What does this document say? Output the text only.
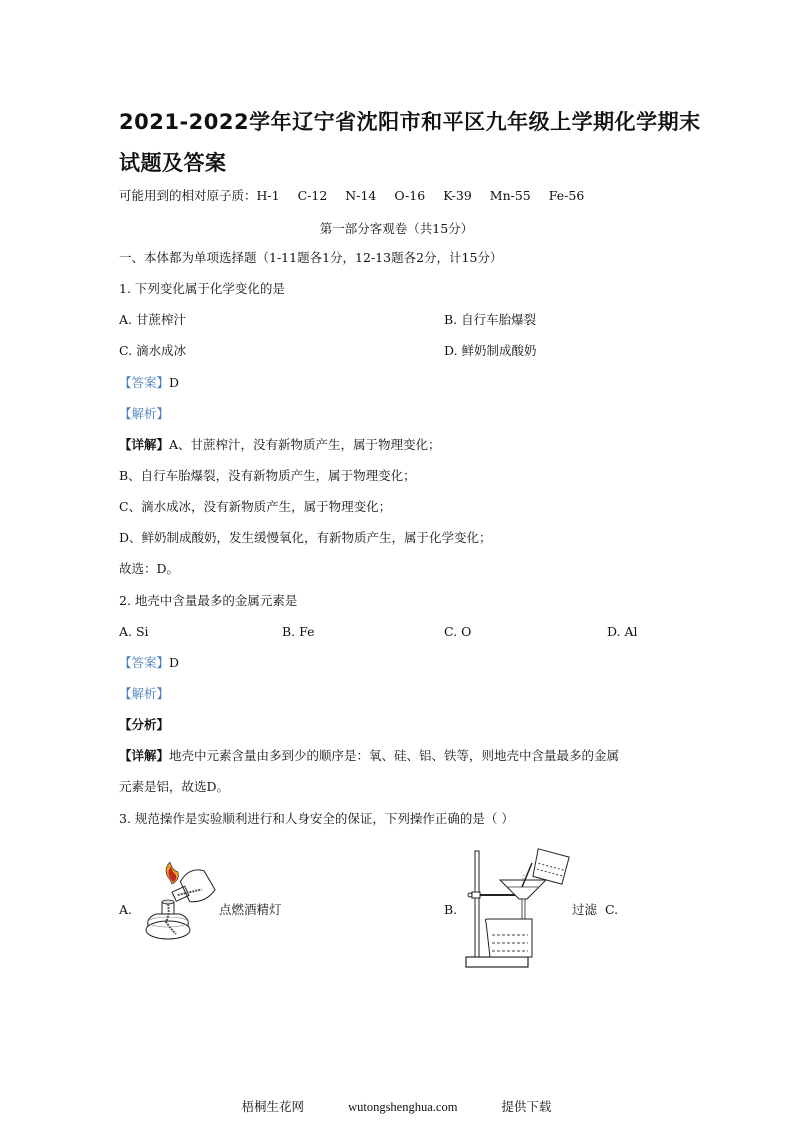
2021-2022学年辽宁省沈阳市和平区九年级上学期化学期末
试题及答案
可能用到的相对原子质：H-1 C-12 N-14 O-16 K-39 Mn-55 Fe-56
第一部分客观卷（共15分）
一、本体都为单项选择题（1-11题各1分，12-13题各2分，计15分）
1. 下列变化属于化学变化的是
A. 甘蔗榨汁	B. 自行车胎爆裂
C. 滴水成冰	D. 鲜奶制成酸奶
【答案】D
【解析】
【详解】A、甘蔗榨汁，没有新物质产生，属于物理变化；
B、自行车胎爆裂，没有新物质产生，属于物理变化；
C、滴水成冰，没有新物质产生，属于物理变化；
D、鲜奶制成酸奶，发生缓慢氧化，有新物质产生，属于化学变化；
故选：D。
2. 地壳中含量最多的金属元素是
A. Si	B. Fe	C. O	D. Al
【答案】D
【解析】
【分析】
【详解】地壳中元素含量由多到少的顺序是：氧、硅、铝、铁等，则地壳中含量最多的金属
元素是铝，故选D。
3. 规范操作是实验顺利进行和人身安全的保证，下列操作正确的是（ ）
A.	点燃酒精灯	B.	过滤 C.
梧桐生花网	wutongshenghua.com	提供下载
